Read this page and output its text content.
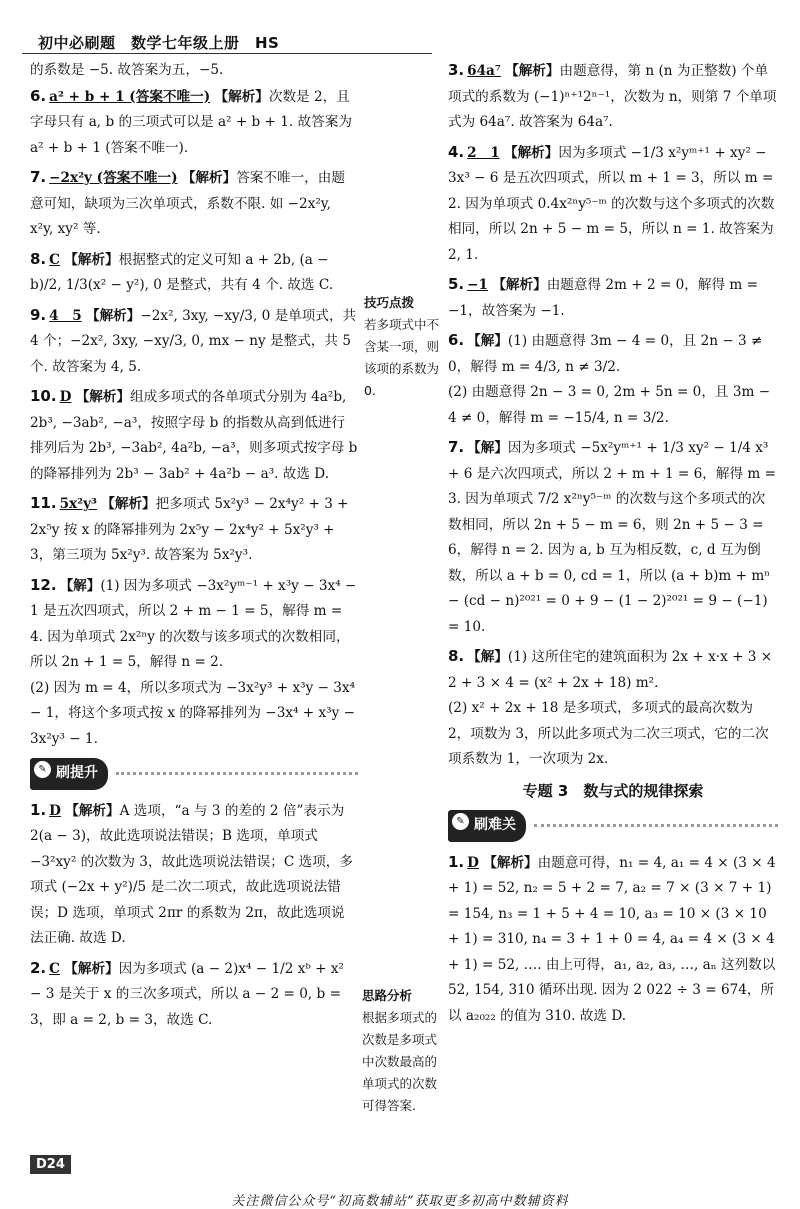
初中必刷题　数学七年级上册　HS

的系数是 −5. 故答案为五，−5.

6. a² + b + 1 (答案不唯一) 【解析】次数是 2，且字母只有 a, b 的三项式可以是 a² + b + 1. 故答案为 a² + b + 1 (答案不唯一).
7. −2x²y (答案不唯一) 【解析】答案不唯一，由题意可知，缺项为三次单项式，系数不限. 如 −2x²y, x²y, xy² 等.
8. C 【解析】根据整式的定义可知 a + 2b, (a − b)/2, 1/3(x² − y²), 0 是整式，共有 4 个. 故选 C.
9. 4　5 【解析】−2x², 3xy, −xy/3, 0 是单项式，共 4 个；−2x², 3xy, −xy/3, 0, mx − ny 是整式，共 5 个. 故答案为 4, 5.
10. D 【解析】组成多项式的各单项式分别为 4a²b, 2b³, −3ab², −a³，按照字母 b 的指数从高到低进行排列后为 2b³, −3ab², 4a²b, −a³，则多项式按字母 b 的降幂排列为 2b³ − 3ab² + 4a²b − a³. 故选 D.
11. 5x²y³ 【解析】把多项式 5x²y³ − 2x⁴y² + 3 + 2x⁵y 按 x 的降幂排列为 2x⁵y − 2x⁴y² + 5x²y³ + 3，第三项为 5x²y³. 故答案为 5x²y³.
12. 【解】(1) 因为多项式 −3x²yᵐ⁻¹ + x³y − 3x⁴ − 1 是五次四项式，所以 2 + m − 1 = 5，解得 m = 4. 因为单项式 2x²ⁿy 的次数与该多项式的次数相同，所以 2n + 1 = 5，解得 n = 2.

(2) 因为 m = 4，所以多项式为 −3x²y³ + x³y − 3x⁴ − 1，将这个多项式按 x 的降幂排列为 −3x⁴ + x³y − 3x²y³ − 1.

✎ 刷提升
1. D 【解析】A 选项，“a 与 3 的差的 2 倍”表示为 2(a − 3)，故此选项说法错误；B 选项，单项式 −3²xy² 的次数为 3，故此选项说法错误；C 选项，多项式 (−2x + y²)/5 是二次二项式，故此选项说法错误；D 选项，单项式 2πr 的系数为 2π，故此选项说法正确. 故选 D.
2. C 【解析】因为多项式 (a − 2)x⁴ − 1/2 xᵇ + x² − 3 是关于 x 的三次多项式，所以 a − 2 = 0, b = 3，即 a = 2, b = 3，故选 C.
技巧点拨
若多项式中不含某一项，则该项的系数为0.
思路分析
根据多项式的次数是多项式中次数最高的单项式的次数可得答案.
3. 64a⁷ 【解析】由题意得，第 n (n 为正整数) 个单项式的系数为 (−1)ⁿ⁺¹2ⁿ⁻¹，次数为 n，则第 7 个单项式为 64a⁷. 故答案为 64a⁷.
4. 2　1 【解析】因为多项式 −1/3 x²yᵐ⁺¹ + xy² − 3x³ − 6 是五次四项式，所以 m + 1 = 3，所以 m = 2. 因为单项式 0.4x²ⁿy⁵⁻ᵐ 的次数与这个多项式的次数相同，所以 2n + 5 − m = 5，所以 n = 1. 故答案为 2, 1.
5. −1 【解析】由题意得 2m + 2 = 0，解得 m = −1，故答案为 −1.
6. 【解】(1) 由题意得 3m − 4 = 0，且 2n − 3 ≠ 0，解得 m = 4/3, n ≠ 3/2.

(2) 由题意得 2n − 3 = 0, 2m + 5n = 0，且 3m − 4 ≠ 0，解得 m = −15/4, n = 3/2.

7. 【解】因为多项式 −5x²yᵐ⁺¹ + 1/3 xy² − 1/4 x³ + 6 是六次四项式，所以 2 + m + 1 = 6，解得 m = 3. 因为单项式 7/2 x²ⁿy⁵⁻ᵐ 的次数与这个多项式的次数相同，所以 2n + 5 − m = 6，则 2n + 5 − 3 = 6，解得 n = 2. 因为 a, b 互为相反数，c, d 互为倒数，所以 a + b = 0, cd = 1，所以 (a + b)m + mⁿ − (cd − n)²⁰²¹ = 0 + 9 − (1 − 2)²⁰²¹ = 9 − (−1) = 10.
8. 【解】(1) 这所住宅的建筑面积为 2x + x·x + 3 × 2 + 3 × 4 = (x² + 2x + 18) m².

(2) x² + 2x + 18 是多项式，多项式的最高次数为 2，项数为 3，所以此多项式为二次三项式，它的二次项系数为 1，一次项为 2x.

专题 3　数与式的规律探索
✎ 刷难关
1. D 【解析】由题意可得，n₁ = 4, a₁ = 4 × (3 × 4 + 1) = 52, n₂ = 5 + 2 = 7, a₂ = 7 × (3 × 7 + 1) = 154, n₃ = 1 + 5 + 4 = 10, a₃ = 10 × (3 × 10 + 1) = 310, n₄ = 3 + 1 + 0 = 4, a₄ = 4 × (3 × 4 + 1) = 52, …. 由上可得，a₁, a₂, a₃, …, aₙ 这列数以 52, 154, 310 循环出现. 因为 2 022 ÷ 3 = 674，所以 a₂₀₂₂ 的值为 310. 故选 D.
D24
关注微信公众号“初高数辅站”获取更多初高中数辅资料
